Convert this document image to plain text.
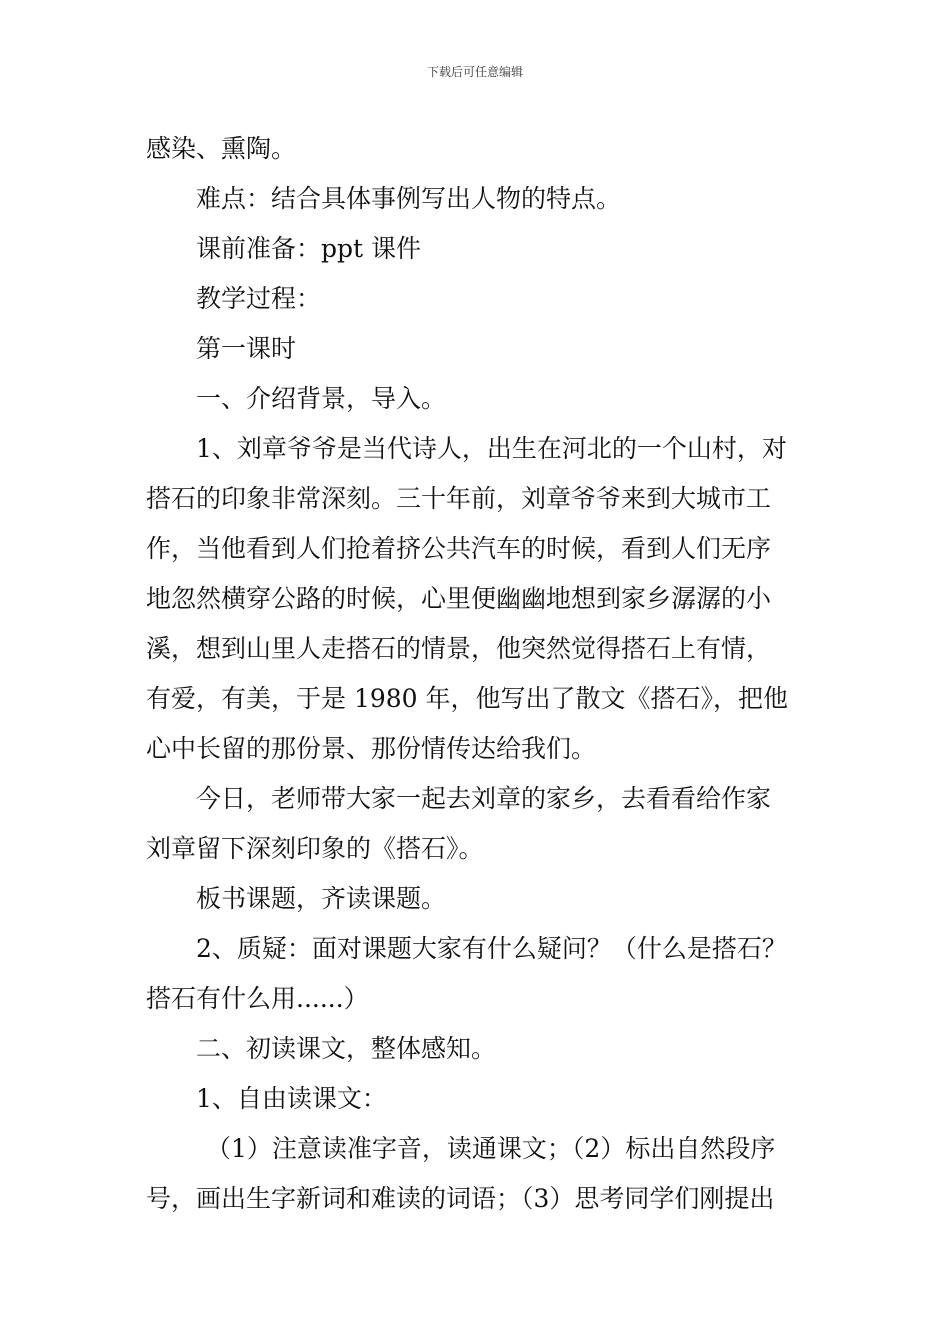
下载后可任意编辑

感染、熏陶。

难点：结合具体事例写出人物的特点。

课前准备：ppt 课件

教学过程：

第一课时

一、介绍背景，导入。

1、刘章爷爷是当代诗人，出生在河北的一个山村，对

搭石的印象非常深刻。三十年前，刘章爷爷来到大城市工

作，当他看到人们抢着挤公共汽车的时候，看到人们无序

地忽然横穿公路的时候，心里便幽幽地想到家乡潺潺的小

溪，想到山里人走搭石的情景，他突然觉得搭石上有情，

有爱，有美，于是 1980 年，他写出了散文《搭石》，把他

心中长留的那份景、那份情传达给我们。

今日，老师带大家一起去刘章的家乡，去看看给作家

刘章留下深刻印象的《搭石》。

板书课题，齐读课题。

2、质疑：面对课题大家有什么疑问？（什么是搭石？

搭石有什么用......）

二、初读课文，整体感知。

1、自由读课文：

（1）注意读准字音，读通课文；（2）标出自然段序

号，画出生字新词和难读的词语；（3）思考同学们刚提出
